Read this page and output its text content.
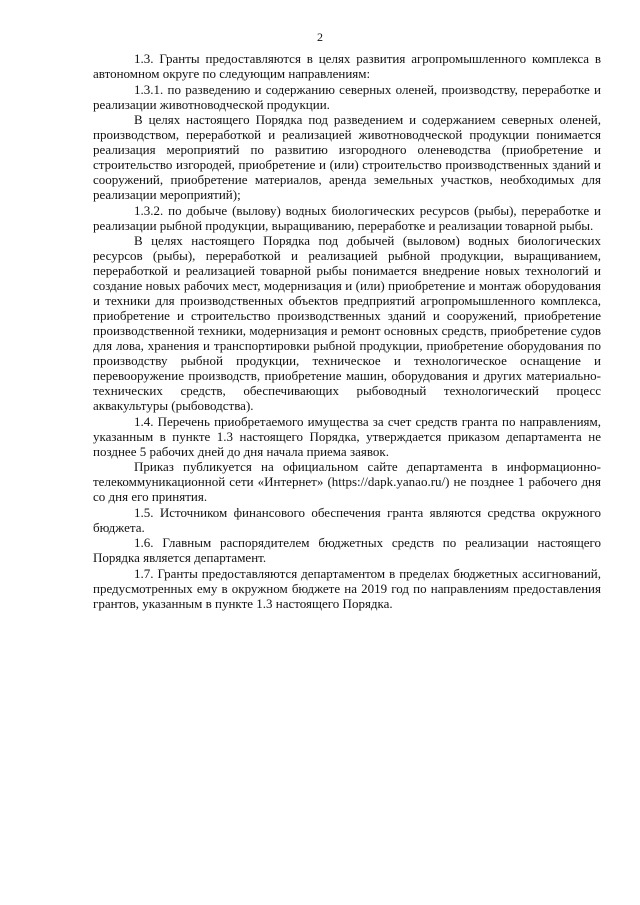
2

1.3. Гранты предоставляются в целях развития агропромышленного комплекса в автономном округе по следующим направлениям:

1.3.1. по разведению и содержанию северных оленей, производству, переработке и реализации животноводческой продукции.

В целях настоящего Порядка под разведением и содержанием северных оленей, производством, переработкой и реализацией животноводческой продукции понимается реализация мероприятий по развитию изгородного оленеводства (приобретение и строительство изгородей, приобретение и (или) строительство производственных зданий и сооружений, приобретение материалов, аренда земельных участков, необходимых для реализации мероприятий);

1.3.2. по добыче (вылову) водных биологических ресурсов (рыбы), переработке и реализации рыбной продукции, выращиванию, переработке и реализации товарной рыбы.

В целях настоящего Порядка под добычей (выловом) водных биологических ресурсов (рыбы), переработкой и реализацией рыбной продукции, выращиванием, переработкой и реализацией товарной рыбы понимается внедрение новых технологий и создание новых рабочих мест, модернизация и (или) приобретение и монтаж оборудования и техники для производственных объектов предприятий агропромышленного комплекса, приобретение и строительство производственных зданий и сооружений, приобретение производственной техники, модернизация и ремонт основных средств, приобретение судов для лова, хранения и транспортировки рыбной продукции, приобретение оборудования по производству рыбной продукции, техническое и технологическое оснащение и перевооружение производств, приобретение машин, оборудования и других материально-технических средств, обеспечивающих рыбоводный технологический процесс аквакультуры (рыбоводства).

1.4. Перечень приобретаемого имущества за счет средств гранта по направлениям, указанным в пункте 1.3 настоящего Порядка, утверждается приказом департамента не позднее 5 рабочих дней до дня начала приема заявок.

Приказ публикуется на официальном сайте департамента в информационно-телекоммуникационной сети «Интернет» (https://dapk.yanao.ru/) не позднее 1 рабочего дня со дня его принятия.

1.5. Источником финансового обеспечения гранта являются средства окружного бюджета.

1.6. Главным распорядителем бюджетных средств по реализации настоящего Порядка является департамент.

1.7. Гранты предоставляются департаментом в пределах бюджетных ассигнований, предусмотренных ему в окружном бюджете на 2019 год по направлениям предоставления грантов, указанным в пункте 1.3 настоящего Порядка.
